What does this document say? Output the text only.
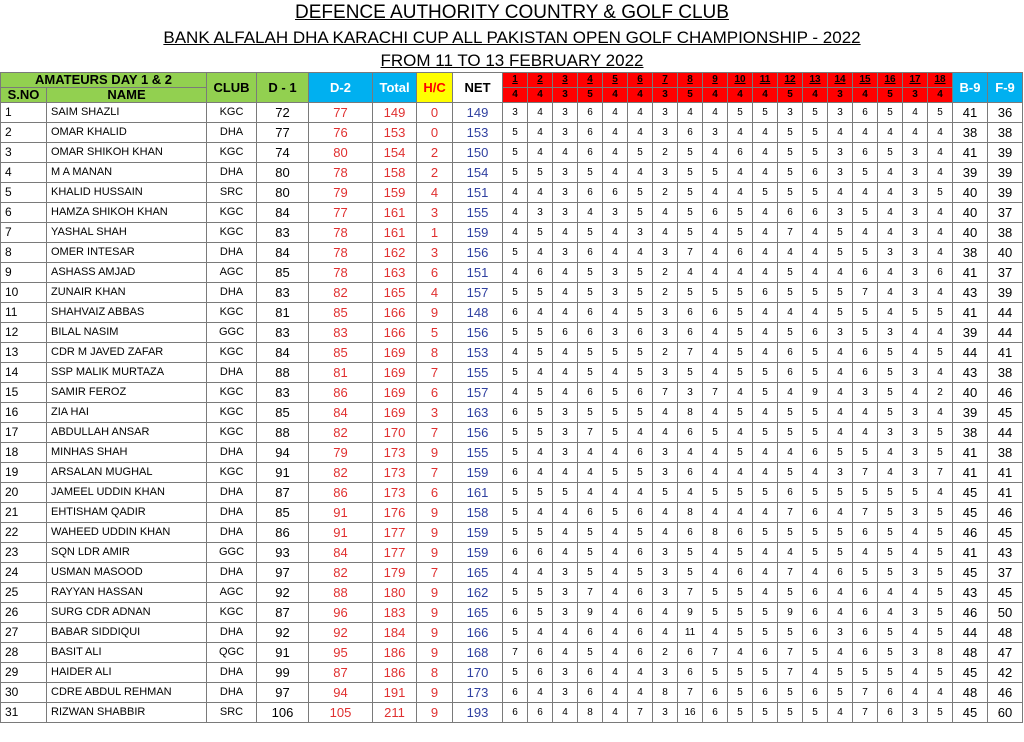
DEFENCE AUTHORITY COUNTRY & GOLF CLUB
BANK ALFALAH DHA KARACHI CUP ALL PAKISTAN OPEN GOLF CHAMPIONSHIP - 2022
FROM 11 TO 13 FEBRUARY 2022
AMATEURS DAY 1 & 2		CLUB	D - 1	D-2	Total	H/C	NET	1	2	3	4	5	6	7	8	9	10	11	12	13	14	15	16	17	18	B-9	F-9
S.NO	NAME							4	4	3	5	4	4	3	5	4	4	4	5	4	3	4	5	3	4		
1	SAIM SHAZLI	KGC	72	77	149	0	149	3	4	3	6	4	4	3	4	4	5	5	3	5	3	6	5	4	5	41	36
2	OMAR KHALID	DHA	77	76	153	0	153	5	4	3	6	4	4	3	6	3	4	4	5	5	4	4	4	4	4	38	38
3	OMAR SHIKOH KHAN	KGC	74	80	154	2	150	5	4	4	6	4	5	2	5	4	6	4	5	5	3	6	5	3	4	41	39
4	M A MANAN	DHA	80	78	158	2	154	5	5	3	5	4	4	3	5	5	4	4	5	6	3	5	4	3	4	39	39
5	KHALID HUSSAIN	SRC	80	79	159	4	151	4	4	3	6	6	5	2	5	4	4	5	5	5	4	4	4	3	5	40	39
6	HAMZA SHIKOH KHAN	KGC	84	77	161	3	155	4	3	3	4	3	5	4	5	6	5	4	6	6	3	5	4	3	4	40	37
7	YASHAL SHAH	KGC	83	78	161	1	159	4	5	4	5	4	3	4	5	4	5	4	7	4	5	4	4	3	4	40	38
8	OMER INTESAR	DHA	84	78	162	3	156	5	4	3	6	4	4	3	7	4	6	4	4	4	5	5	3	3	4	38	40
9	ASHASS AMJAD	AGC	85	78	163	6	151	4	6	4	5	3	5	2	4	4	4	4	5	4	4	6	4	3	6	41	37
10	ZUNAIR KHAN	DHA	83	82	165	4	157	5	5	4	5	3	5	2	5	5	5	6	5	5	5	7	4	3	4	43	39
11	SHAHVAIZ ABBAS	KGC	81	85	166	9	148	6	4	4	6	4	5	3	6	6	5	4	4	4	5	5	4	5	5	41	44
12	BILAL NASIM	GGC	83	83	166	5	156	5	5	6	6	3	6	3	6	4	5	4	5	6	3	5	3	4	4	39	44
13	CDR M JAVED ZAFAR	KGC	84	85	169	8	153	4	5	4	5	5	5	2	7	4	5	4	6	5	4	6	5	4	5	44	41
14	SSP MALIK MURTAZA	DHA	88	81	169	7	155	5	4	4	5	4	5	3	5	4	5	5	6	5	4	6	5	3	4	43	38
15	SAMIR FEROZ	KGC	83	86	169	6	157	4	5	4	6	5	6	7	3	7	4	5	4	9	4	3	5	4	2	40	46
16	ZIA HAI	KGC	85	84	169	3	163	6	5	3	5	5	5	4	8	4	5	4	5	5	4	4	5	3	4	39	45
17	ABDULLAH ANSAR	KGC	88	82	170	7	156	5	5	3	7	5	4	4	6	5	4	5	5	5	4	4	3	3	5	38	44
18	MINHAS SHAH	DHA	94	79	173	9	155	5	4	3	4	4	6	3	4	4	5	4	4	6	5	5	4	3	5	41	38
19	ARSALAN MUGHAL	KGC	91	82	173	7	159	6	4	4	4	5	5	3	6	4	4	4	5	4	3	7	4	3	7	41	41
20	JAMEEL UDDIN KHAN	DHA	87	86	173	6	161	5	5	5	4	4	4	5	4	5	5	5	6	5	5	5	5	5	4	45	41
21	EHTISHAM QADIR	DHA	85	91	176	9	158	5	4	4	6	5	6	4	8	4	4	4	7	6	4	7	5	3	5	45	46
22	WAHEED UDDIN KHAN	DHA	86	91	177	9	159	5	5	4	5	4	5	4	6	8	6	5	5	5	5	6	5	4	5	46	45
23	SQN LDR AMIR	GGC	93	84	177	9	159	6	6	4	5	4	6	3	5	4	5	4	4	5	5	4	5	4	5	41	43
24	USMAN MASOOD	DHA	97	82	179	7	165	4	4	3	5	4	5	3	5	4	6	4	7	4	6	5	5	3	5	45	37
25	RAYYAN HASSAN	AGC	92	88	180	9	162	5	5	3	7	4	6	3	7	5	5	4	5	6	4	6	4	4	5	43	45
26	SURG CDR ADNAN	KGC	87	96	183	9	165	6	5	3	9	4	6	4	9	5	5	5	9	6	4	6	4	3	5	46	50
27	BABAR SIDDIQUI	DHA	92	92	184	9	166	5	4	4	6	4	6	4	11	4	5	5	5	6	3	6	5	4	5	44	48
28	BASIT ALI	QGC	91	95	186	9	168	7	6	4	5	4	6	2	6	7	4	6	7	5	4	6	5	3	8	48	47
29	HAIDER ALI	DHA	99	87	186	8	170	5	6	3	6	4	4	3	6	5	5	5	7	4	5	5	5	4	5	45	42
30	CDRE ABDUL REHMAN	DHA	97	94	191	9	173	6	4	3	6	4	4	8	7	6	5	6	5	6	5	7	6	4	4	48	46
31	RIZWAN SHABBIR	SRC	106	105	211	9	193	6	6	4	8	4	7	3	16	6	5	5	5	5	4	7	6	3	5	45	60
